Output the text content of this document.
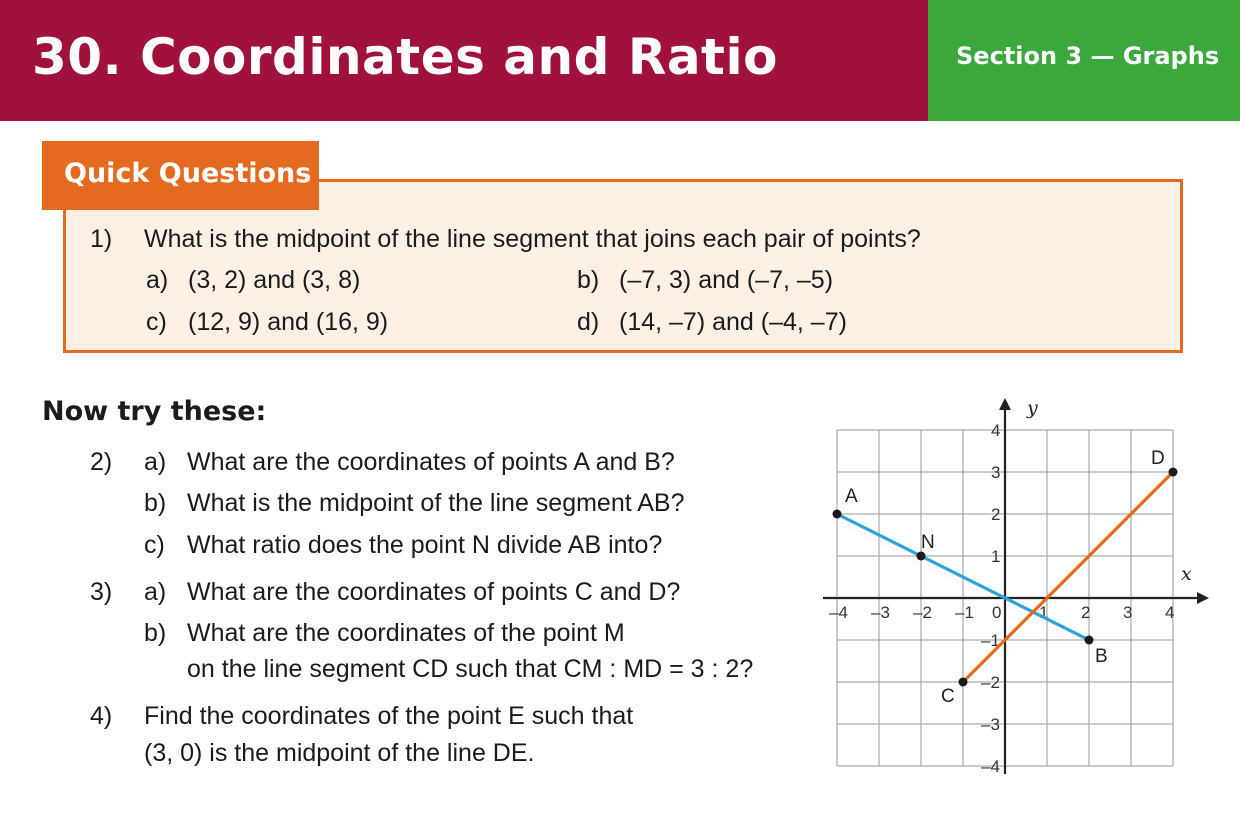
30. Coordinates and Ratio	Section 3 — Graphs
Quick Questions
1) What is the midpoint of the line segment that joins each pair of points?
a) (3, 2) and (3, 8)	b) (–7, 3) and (–7, –5)
c) (12, 9) and (16, 9)	d) (14, –7) and (–4, –7)
Now try these:
2) a) What are the coordinates of points A and B?
b) What is the midpoint of the line segment AB?
c) What ratio does the point N divide AB into?
3) a) What are the coordinates of points C and D?
b) What are the coordinates of the point M
on the line segment CD such that CM : MD = 3 : 2?
4) Find the coordinates of the point E such that
(3, 0) is the midpoint of the line DE.
x
y
–4 –3 –2 –1 0 1 2 3 4
4
3
2
1
–1
–2
–3
–4
A
N
B
C
D
